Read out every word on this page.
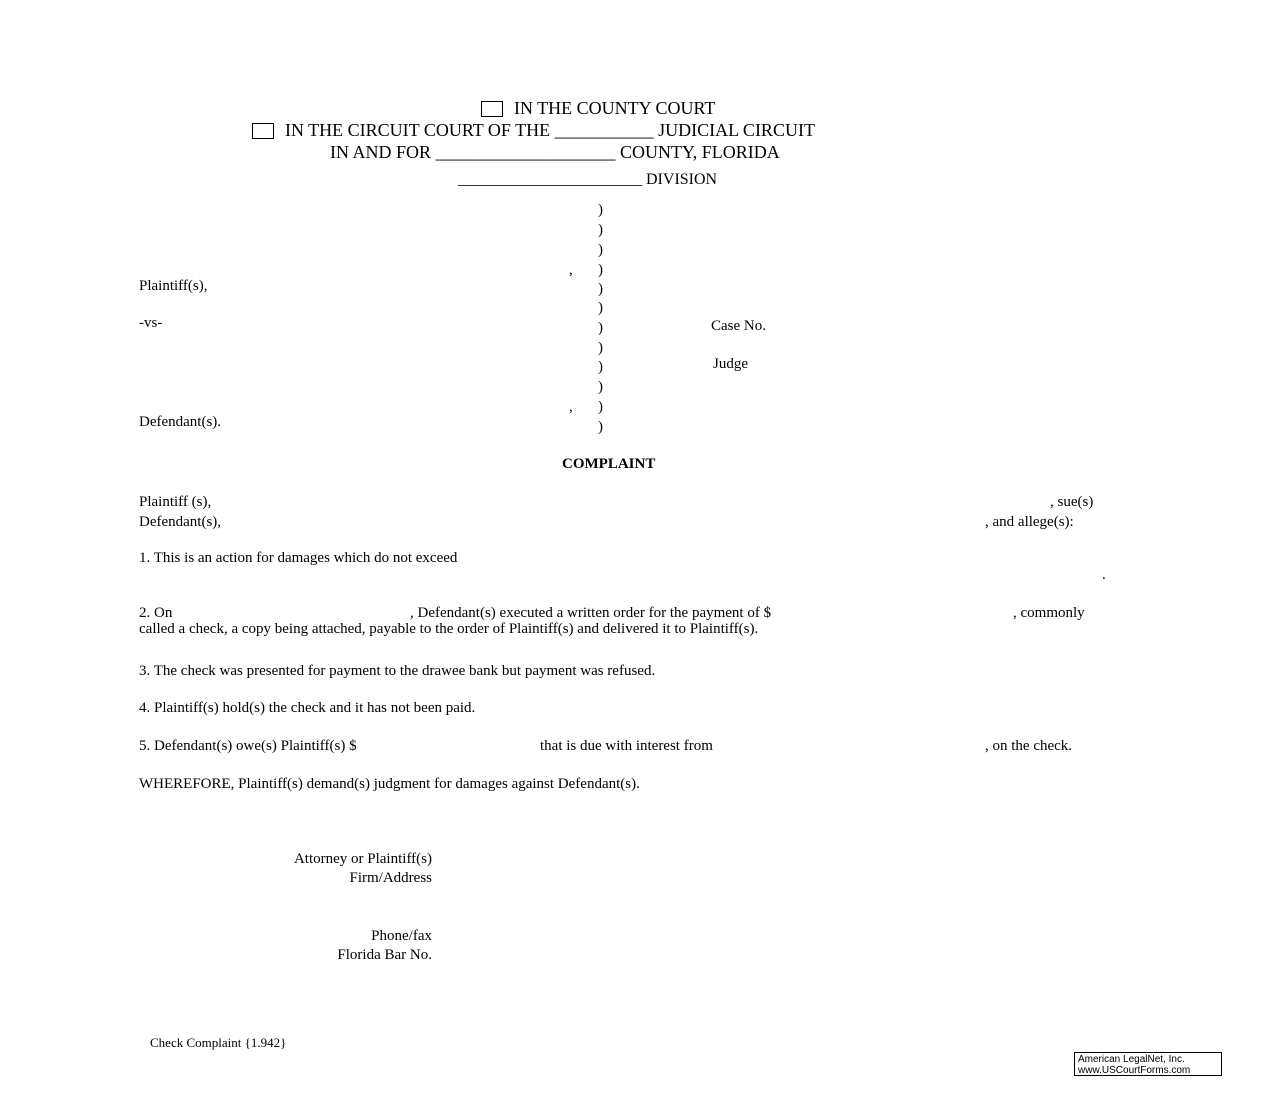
IN THE COUNTY COURT
IN THE CIRCUIT COURT OF THE ___________ JUDICIAL CIRCUIT
IN AND FOR ____________________ COUNTY, FLORIDA
_______________________ DIVISION
)
)
)
)
)
)
)
)
)
)
)
)
,
,
Plaintiff(s),
-vs-
Defendant(s).
Case No.
Judge
COMPLAINT
Plaintiff (s),	, sue(s)
Defendant(s),	, and allege(s):
1. This is an action for damages which do not exceed
.
2. On	, Defendant(s) executed a written order for the payment of $	, commonly
called a check, a copy being attached, payable to the order of Plaintiff(s) and delivered it to Plaintiff(s).
3. The check was presented for payment to the drawee bank but payment was refused.
4. Plaintiff(s) hold(s) the check and it has not been paid.
5. Defendant(s) owe(s) Plaintiff(s) $	that is due with interest from	, on the check.
WHEREFORE, Plaintiff(s) demand(s) judgment for damages against Defendant(s).
Attorney or Plaintiff(s)
Firm/Address
Phone/fax
Florida Bar No.
Check Complaint {1.942}
American LegalNet, Inc.
www.USCourtForms.com
